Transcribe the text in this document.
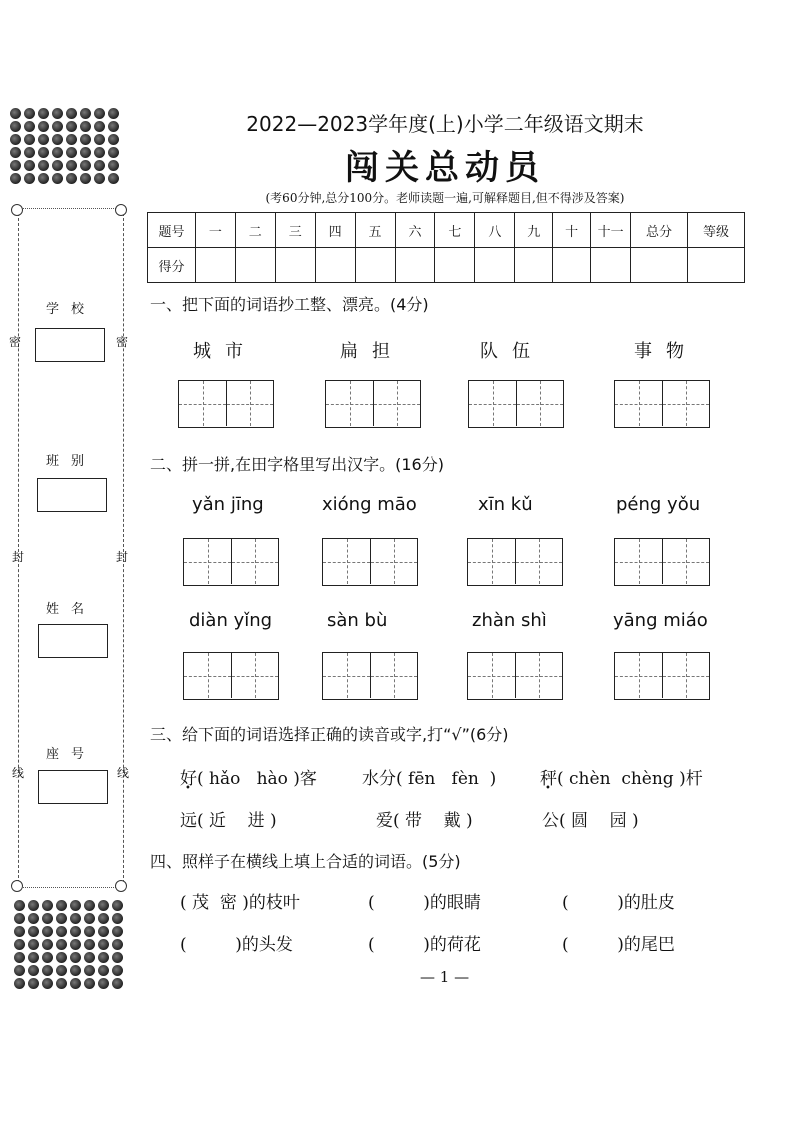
学校
密	密
班别
封	封
姓名
座号
线	线
2022—2023学年度(上)小学二年级语文期末
闯关总动员
(考60分钟,总分100分。老师读题一遍,可解释题目,但不得涉及答案)
题号	一	二	三	四	五	六	七	八	九	十	十一	总分	等级
得分													
一、把下面的词语抄工整、漂亮。(4分)
城市	扁担	队伍	事物
二、拼一拼,在田字格里写出汉字。(16分)
yǎn jīng	xióng māo	xīn kǔ	péng yǒu
diàn yǐng	sàn bù	zhàn shì	yāng miáo
三、给下面的词语选择正确的读音或字,打“√”(6分)
好( hǎo   hào )客	水分( fēn   fèn  )	秤( chèn  chèng )杆
远( 近    进 )	爱( 带    戴 )	公( 圆    园 )
四、照样子在横线上填上合适的词语。(5分)
( 茂  密 )的枝叶	(         )的眼睛	(         )的肚皮
(         )的头发	(         )的荷花	(         )的尾巴
— 1 —
